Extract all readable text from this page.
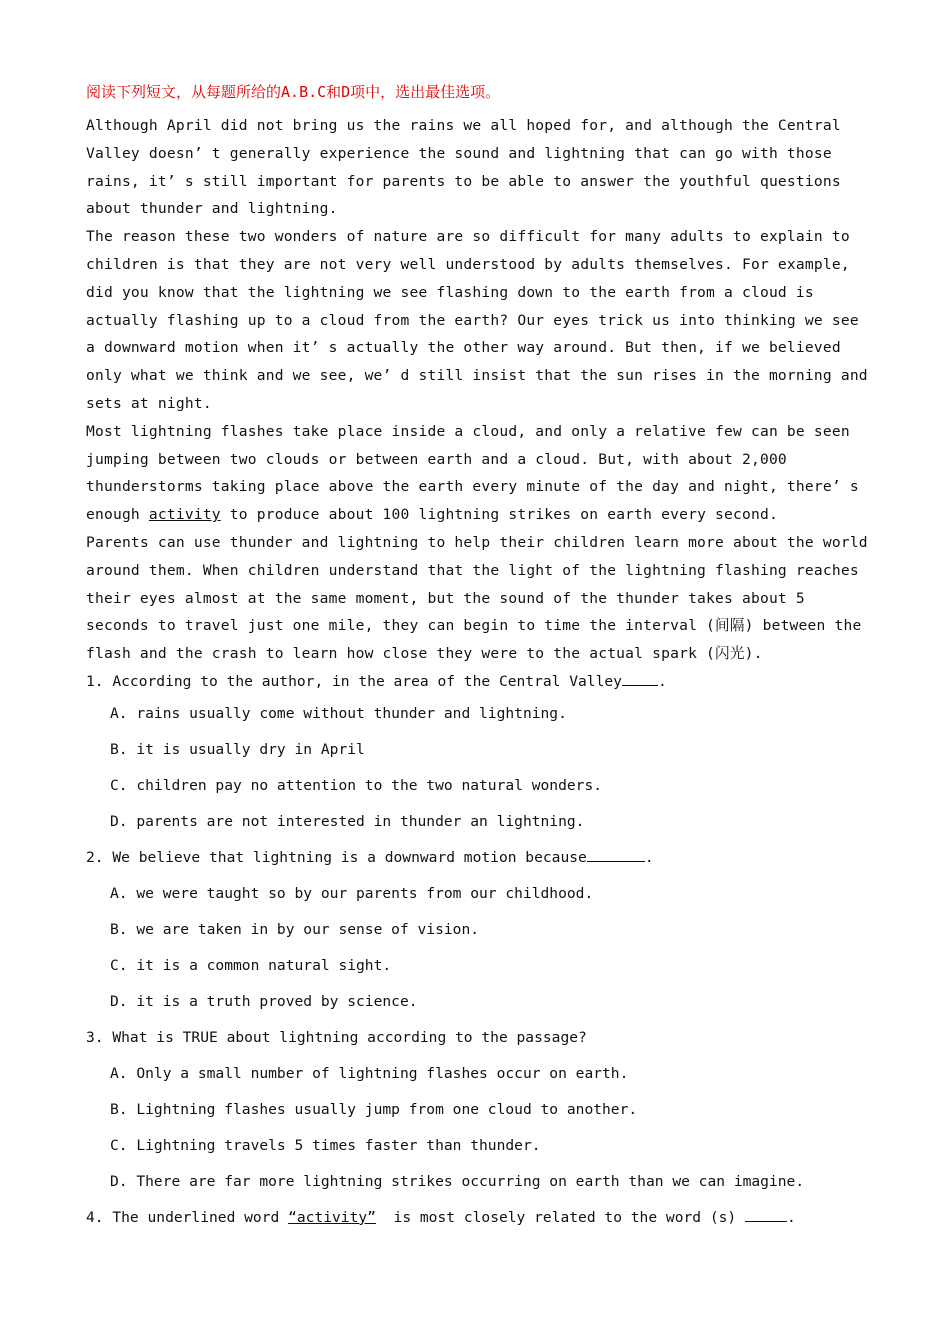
阅读下列短文，从每题所给的A.B.C和D项中，选出最佳选项。

Although April did not bring us the rains we all hoped for, and although the Central Valley doesn’ t generally experience the sound and lightning that can go with those rains, it’ s still important for parents to be able to answer the youthful questions about thunder and lightning.

The reason these two wonders of nature are so difficult for many adults to explain to children is that they are not very well understood by adults themselves. For example, did you know that the lightning we see flashing down to the earth from a cloud is actually flashing up to a cloud from the earth? Our eyes trick us into thinking we see a downward motion when it’ s actually the other way around. But then, if we believed only what we think and we see, we’ d still insist that the sun rises in the morning and sets at night.

Most lightning flashes take place inside a cloud, and only a relative few can be seen jumping between two clouds or between earth and a cloud. But, with about 2,000 thunderstorms taking place above the earth every minute of the day and night, there’ s enough activity to produce about 100 lightning strikes on earth every second.

Parents can use thunder and lightning to help their children learn more about the world around them. When children understand that the light of the lightning flashing reaches their eyes almost at the same moment, but the sound of the thunder takes about 5 seconds to travel just one mile, they can begin to time the interval (间隔) between the flash and the crash to learn how close they were to the actual spark (闪光).

1. According to the author, in the area of the Central Valley .
A. rains usually come without thunder and lightning.
B. it is usually dry in April
C. children pay no attention to the two natural wonders.
D. parents are not interested in thunder an lightning.
2. We believe that lightning is a downward motion because	.
A. we were taught so by our parents from our childhood.
B. we are taken in by our sense of vision.
C. it is a common natural sight.
D. it is a truth proved by science.
3. What is TRUE about lightning according to the passage?
A. Only a small number of lightning flashes occur on earth.
B. Lightning flashes usually jump from one cloud to another.
C. Lightning travels 5 times faster than thunder.
D. There are far more lightning strikes occurring on earth than we can imagine.
4. The underlined word “activity”  is most closely related to the word (s)	.
